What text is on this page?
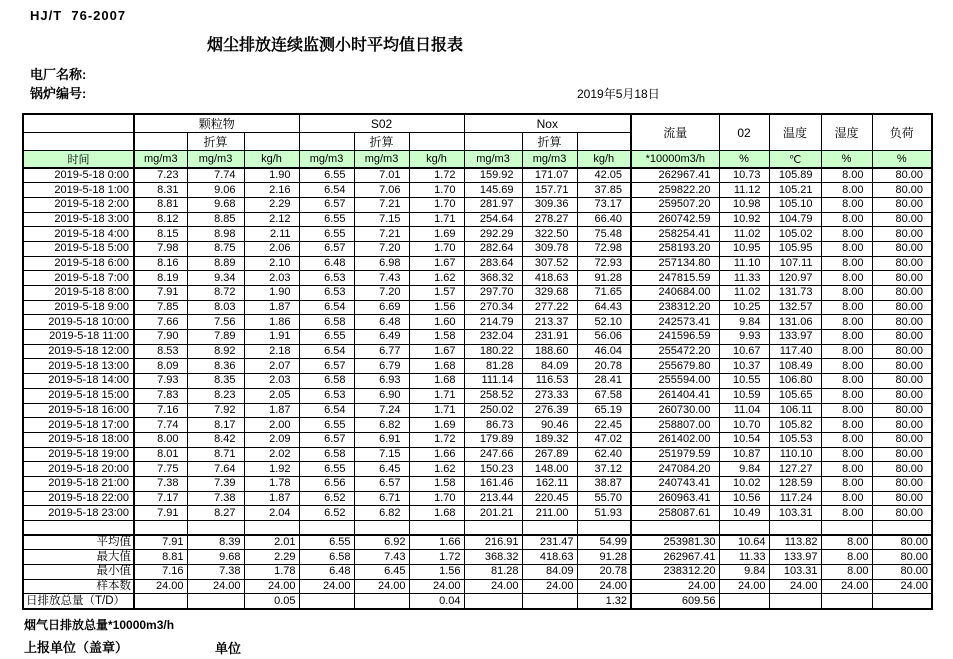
HJ/T  76-2007
烟尘排放连续监测小时平均值日报表
电厂名称:
锅炉编号:	2019年5月18日
	颗粒物			S02			Nox			流量	02	温度	湿度	负荷
		折算			折算			折算						
时间	mg/m3	mg/m3	kg/h	mg/m3	mg/m3	kg/h	mg/m3	mg/m3	kg/h	*10000m3/h	%	℃	%	%
2019-5-18 0:00	7.23	7.74	1.90	6.55	7.01	1.72	159.92	171.07	42.05	262967.41	10.73	105.89	8.00	80.00
2019-5-18 1:00	8.31	9.06	2.16	6.54	7.06	1.70	145.69	157.71	37.85	259822.20	11.12	105.21	8.00	80.00
2019-5-18 2:00	8.81	9.68	2.29	6.57	7.21	1.70	281.97	309.36	73.17	259507.20	10.98	105.10	8.00	80.00
2019-5-18 3:00	8.12	8.85	2.12	6.55	7.15	1.71	254.64	278.27	66.40	260742.59	10.92	104.79	8.00	80.00
2019-5-18 4:00	8.15	8.98	2.11	6.55	7.21	1.69	292.29	322.50	75.48	258254.41	11.02	105.02	8.00	80.00
2019-5-18 5:00	7.98	8.75	2.06	6.57	7.20	1.70	282.64	309.78	72.98	258193.20	10.95	105.95	8.00	80.00
2019-5-18 6:00	8.16	8.89	2.10	6.48	6.98	1.67	283.64	307.52	72.93	257134.80	11.10	107.11	8.00	80.00
2019-5-18 7:00	8.19	9.34	2.03	6.53	7.43	1.62	368.32	418.63	91.28	247815.59	11.33	120.97	8.00	80.00
2019-5-18 8:00	7.91	8.72	1.90	6.53	7.20	1.57	297.70	329.68	71.65	240684.00	11.02	131.73	8.00	80.00
2019-5-18 9:00	7.85	8.03	1.87	6.54	6.69	1.56	270.34	277.22	64.43	238312.20	10.25	132.57	8.00	80.00
2019-5-18 10:00	7.66	7.56	1.86	6.58	6.48	1.60	214.79	213.37	52.10	242573.41	9.84	131.06	8.00	80.00
2019-5-18 11:00	7.90	7.89	1.91	6.55	6.49	1.58	232.04	231.91	56.06	241596.59	9.93	133.97	8.00	80.00
2019-5-18 12:00	8.53	8.92	2.18	6.54	6.77	1.67	180.22	188.60	46.04	255472.20	10.67	117.40	8.00	80.00
2019-5-18 13:00	8.09	8.36	2.07	6.57	6.79	1.68	81.28	84.09	20.78	255679.80	10.37	108.49	8.00	80.00
2019-5-18 14:00	7.93	8.35	2.03	6.58	6.93	1.68	111.14	116.53	28.41	255594.00	10.55	106.80	8.00	80.00
2019-5-18 15:00	7.83	8.23	2.05	6.53	6.90	1.71	258.52	273.33	67.58	261404.41	10.59	105.65	8.00	80.00
2019-5-18 16:00	7.16	7.92	1.87	6.54	7.24	1.71	250.02	276.39	65.19	260730.00	11.04	106.11	8.00	80.00
2019-5-18 17:00	7.74	8.17	2.00	6.55	6.82	1.69	86.73	90.46	22.45	258807.00	10.70	105.82	8.00	80.00
2019-5-18 18:00	8.00	8.42	2.09	6.57	6.91	1.72	179.89	189.32	47.02	261402.00	10.54	105.53	8.00	80.00
2019-5-18 19:00	8.01	8.71	2.02	6.58	7.15	1.66	247.66	267.89	62.40	251979.59	10.87	110.10	8.00	80.00
2019-5-18 20:00	7.75	7.64	1.92	6.55	6.45	1.62	150.23	148.00	37.12	247084.20	9.84	127.27	8.00	80.00
2019-5-18 21:00	7.38	7.39	1.78	6.56	6.57	1.58	161.46	162.11	38.87	240743.41	10.02	128.59	8.00	80.00
2019-5-18 22:00	7.17	7.38	1.87	6.52	6.71	1.70	213.44	220.45	55.70	260963.41	10.56	117.24	8.00	80.00
2019-5-18 23:00	7.91	8.27	2.04	6.52	6.82	1.68	201.21	211.00	51.93	258087.61	10.49	103.31	8.00	80.00

平均值	7.91	8.39	2.01	6.55	6.92	1.66	216.91	231.47	54.99	253981.30	10.64	113.82	8.00	80.00
最大值	8.81	9.68	2.29	6.58	7.43	1.72	368.32	418.63	91.28	262967.41	11.33	133.97	8.00	80.00
最小值	7.16	7.38	1.78	6.48	6.45	1.56	81.28	84.09	20.78	238312.20	9.84	103.31	8.00	80.00
样本数	24.00	24.00	24.00	24.00	24.00	24.00	24.00	24.00	24.00	24.00	24.00	24.00	24.00	24.00
日排放总量（T/D）			0.05			0.04			1.32	609.56				
烟气日排放总量*10000m3/h
上报单位（盖章）	单位
